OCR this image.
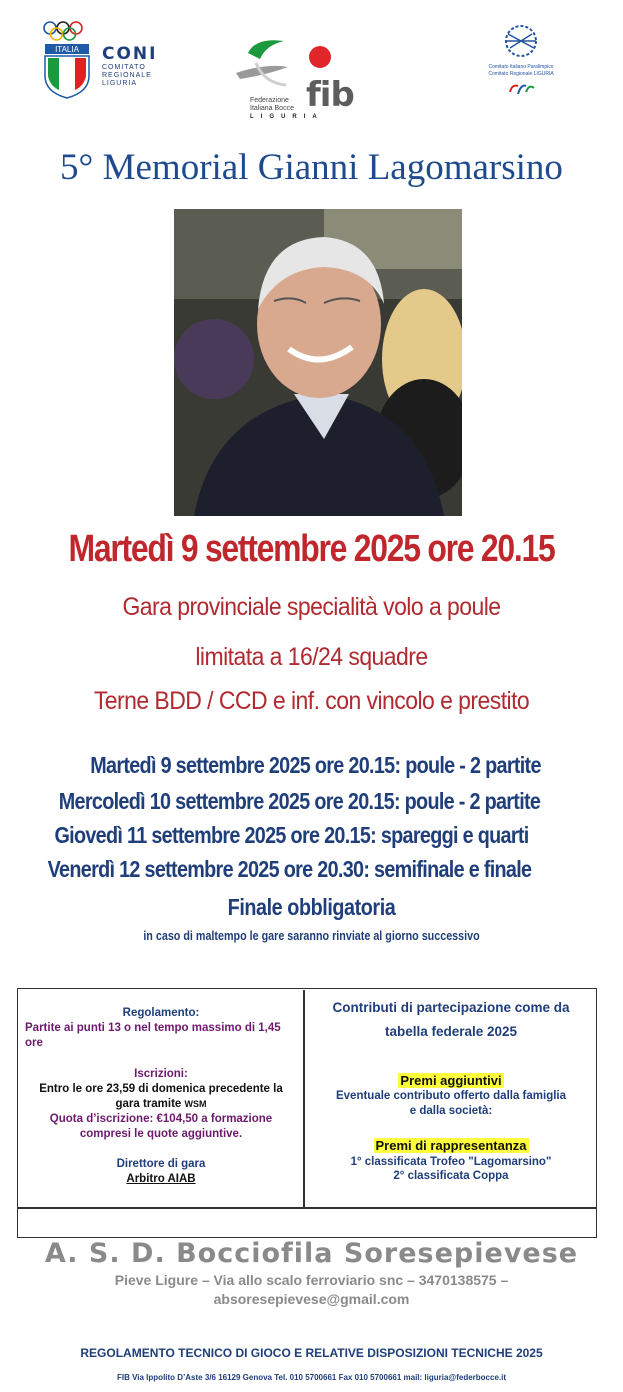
ITALIA CONI
COMITATO
REGIONALE
LIGURIA	fib
Federazione
Italiana Bocce
LIGURIA
Comitato Italiano Paralimpico
Comitato Regionale LIGURIA
5° Memorial Gianni Lagomarsino
Martedì 9 settembre 2025 ore 20.15
Gara provinciale specialità volo a poule
limitata a 16/24 squadre
Terne BDD / CCD e inf. con vincolo e prestito
Martedì 9 settembre 2025 ore 20.15: poule - 2 partite
Mercoledì 10 settembre 2025 ore 20.15: poule - 2 partite
Giovedì 11 settembre 2025 ore 20.15: spareggi e quarti
Venerdì 12 settembre 2025 ore 20.30: semifinale e finale
Finale obbligatoria
in caso di maltempo le gare saranno rinviate al giorno successivo
Regolamento:
Partite ai punti 13 o nel tempo massimo di 1,45 ore
Iscrizioni:
Entro le ore 23,59 di domenica precedente la
gara tramite WSM
Quota d’iscrizione: €104,50 a formazione
compresi le quote aggiuntive.
Direttore di gara
Arbitro AIAB
Contributi di partecipazione come da
tabella federale 2025
Premi aggiuntivi
Eventuale contributo offerto dalla famiglia
e dalla società:
Premi di rappresentanza
1° classificata Trofeo "Lagomarsino"
2° classificata Coppa
A. S. D. Bocciofila Soresepievese
Pieve Ligure – Via allo scalo ferroviario snc – 3470138575 –
absoresepievese@gmail.com
REGOLAMENTO TECNICO DI GIOCO E RELATIVE DISPOSIZIONI TECNICHE 2025
FIB Via Ippolito D’Aste 3/6 16129 Genova Tel. 010 5700661 Fax 010 5700661 mail: liguria@federbocce.it
